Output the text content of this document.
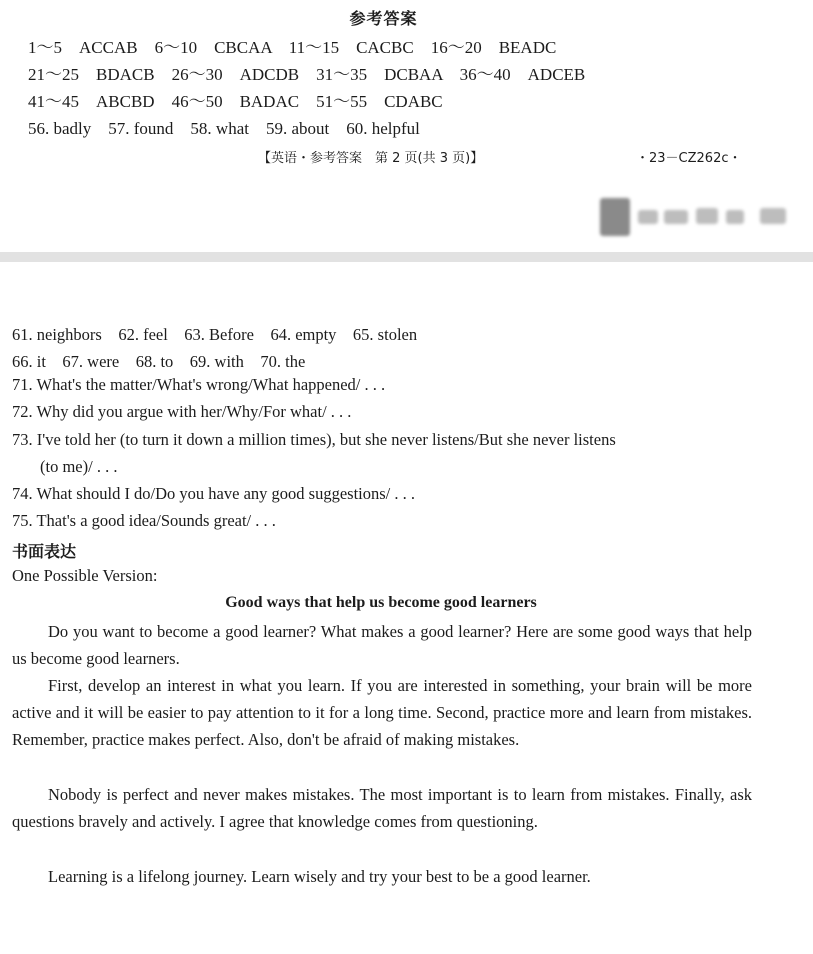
参考答案
1～5　ACCAB　6～10　CBCAA　11～15　CACBC　16～20　BEADC
21～25　BDACB　26～30　ADCDB　31～35　DCBAA　36～40　ADCEB
41～45　ABCBD　46～50　BADAC　51～55　CDABC
56. badly　57. found　58. what　59. about　60. helpful
【英语・参考答案　第 2 页(共 3 页)】	・23－CZ262c・
61. neighbors　62. feel　63. Before　64. empty　65. stolen
66. it　67. were　68. to　69. with　70. the
71. What's the matter/What's wrong/What happened/ . . .
72. Why did you argue with her/Why/For what/ . . .
73. I've told her (to turn it down a million times), but she never listens/But she never listens
(to me)/ . . .
74. What should I do/Do you have any good suggestions/ . . .
75. That's a good idea/Sounds great/ . . .
书面表达
One Possible Version:
Good ways that help us become good learners
Do you want to become a good learner? What makes a good learner? Here are some good ways that help us become good learners.
First, develop an interest in what you learn. If you are interested in something, your brain will be more active and it will be easier to pay attention to it for a long time. Second, practice more and learn from mistakes. Remember, practice makes perfect. Also, don't be afraid of making mistakes.
Nobody is perfect and never makes mistakes. The most important is to learn from mistakes. Finally, ask questions bravely and actively. I agree that knowledge comes from questioning.
Learning is a lifelong journey. Learn wisely and try your best to be a good learner.
